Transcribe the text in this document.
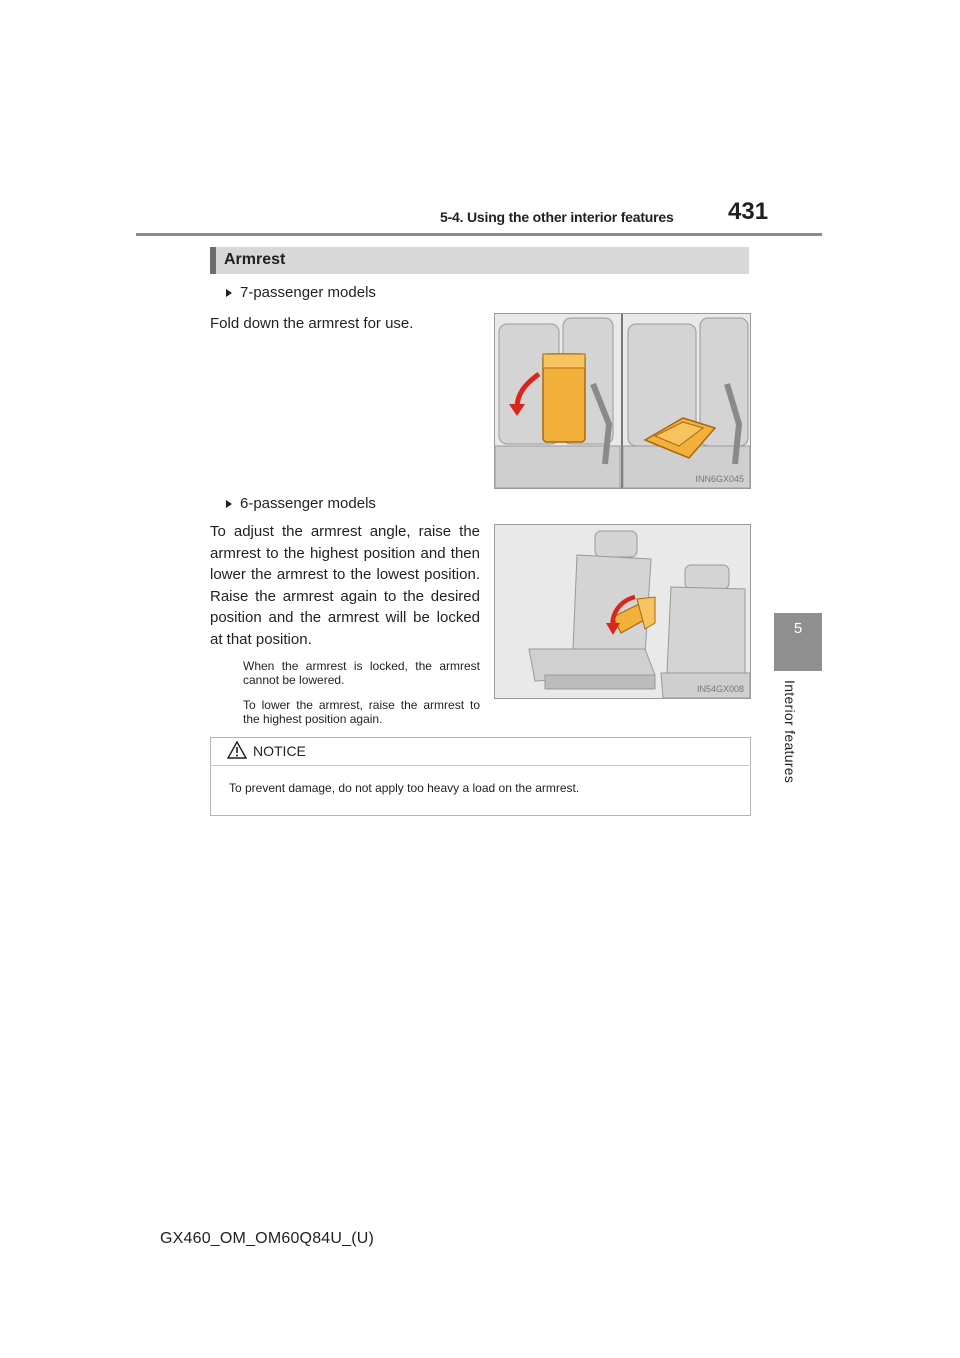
5-4. Using the other interior features 431
5
Interior features
Armrest
7-passenger models
Fold down the armrest for use.
INN6GX045
6-passenger models
To adjust the armrest angle, raise the armrest to the highest position and then lower the armrest to the lowest position. Raise the armrest again to the desired position and the armrest will be locked at that position.
When the armrest is locked, the armrest cannot be lowered.
To lower the armrest, raise the armrest to the highest position again.
IN54GX008
NOTICE
To prevent damage, do not apply too heavy a load on the armrest.
GX460_OM_OM60Q84U_(U)
